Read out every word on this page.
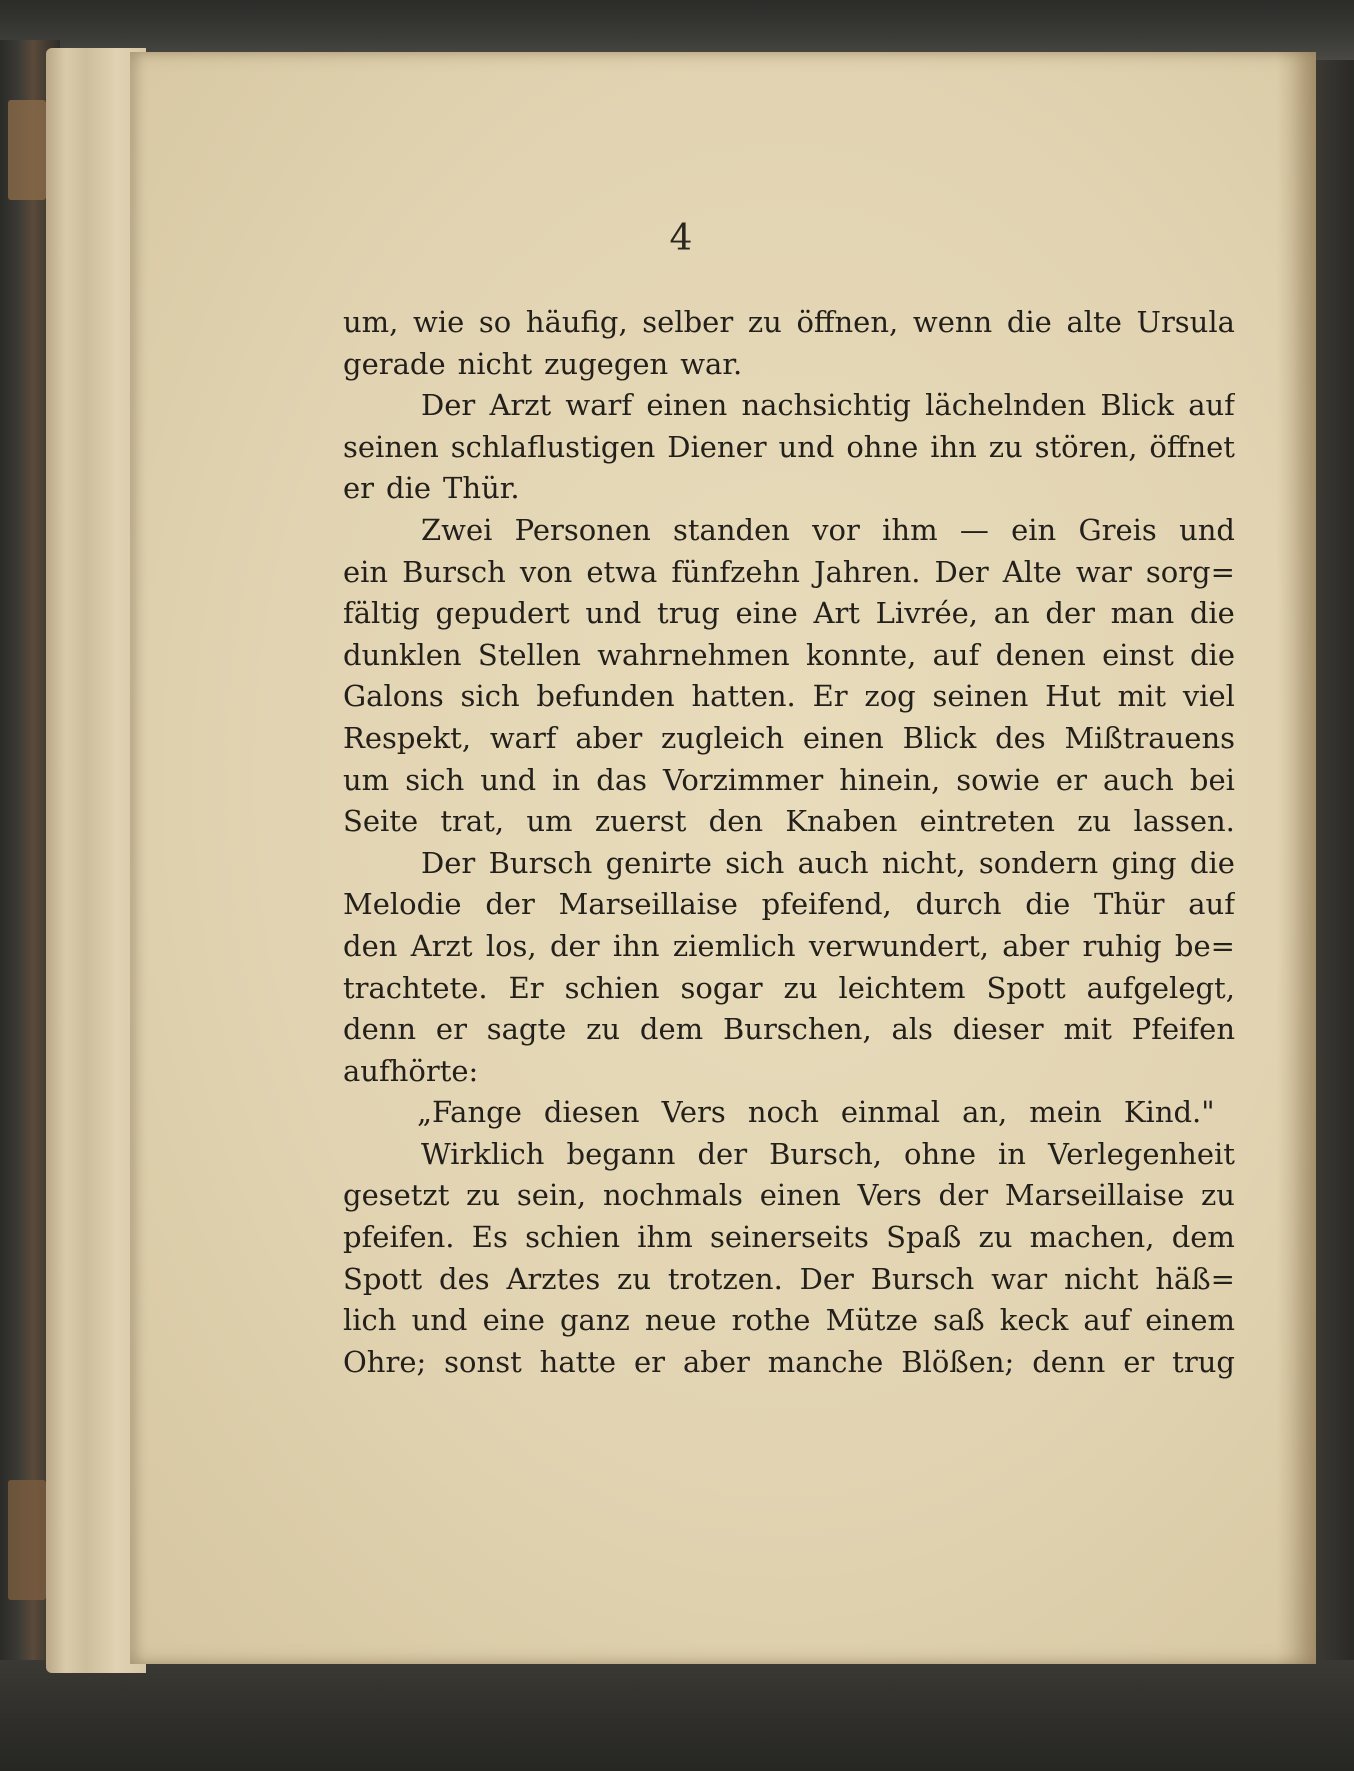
4
um, wie so häufig, selber zu öffnen, wenn die alte Ursula
gerade nicht zugegen war.
Der Arzt warf einen nachsichtig lächelnden Blick auf
seinen schlaflustigen Diener und ohne ihn zu stören, öffnet
er die Thür.
Zwei Personen standen vor ihm — ein Greis und
ein Bursch von etwa fünfzehn Jahren. Der Alte war sorg=
fältig gepudert und trug eine Art Livrée, an der man die
dunklen Stellen wahrnehmen konnte, auf denen einst die
Galons sich befunden hatten. Er zog seinen Hut mit viel
Respekt, warf aber zugleich einen Blick des Mißtrauens
um sich und in das Vorzimmer hinein, sowie er auch bei
Seite trat, um zuerst den Knaben eintreten zu lassen.
Der Bursch genirte sich auch nicht, sondern ging die
Melodie der Marseillaise pfeifend, durch die Thür auf
den Arzt los, der ihn ziemlich verwundert, aber ruhig be=
trachtete. Er schien sogar zu leichtem Spott aufgelegt,
denn er sagte zu dem Burschen, als dieser mit Pfeifen
aufhörte:
„Fange diesen Vers noch einmal an, mein Kind."
Wirklich begann der Bursch, ohne in Verlegenheit
gesetzt zu sein, nochmals einen Vers der Marseillaise zu
pfeifen. Es schien ihm seinerseits Spaß zu machen, dem
Spott des Arztes zu trotzen. Der Bursch war nicht häß=
lich und eine ganz neue rothe Mütze saß keck auf einem
Ohre; sonst hatte er aber manche Blößen; denn er trug
